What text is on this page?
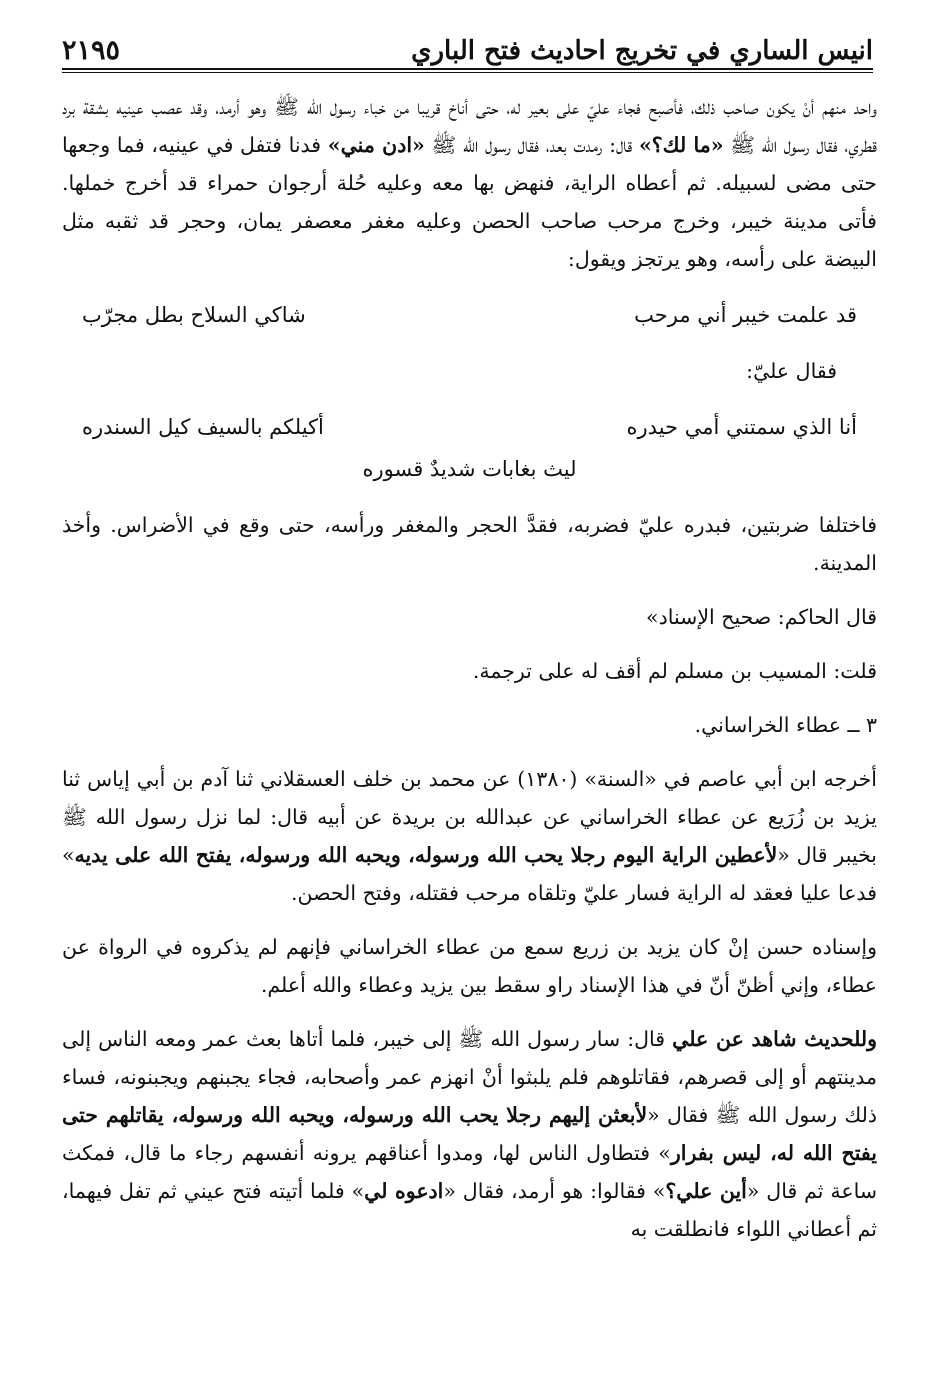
انيس الساري في تخريج احاديث فتح الباري
٢١٩٥

واحد منهم أنْ يكون صاحب ذلك، فأصبح فجاء عليّ على بعير له، حتى أناخ قريبا من خباء رسول الله ﷺ وهو أرمد، وقد عصب عينيه بشقة برد قطري، فقال رسول الله ﷺ «ما لك؟» قال: رمدت بعد، فقال رسول الله ﷺ «ادن مني» فدنا فتفل في عينيه، فما وجعها حتى مضى لسبيله. ثم أعطاه الراية، فنهض بها معه وعليه حُلة أرجوان حمراء قد أخرج خملها. فأتى مدينة خيبر، وخرج مرحب صاحب الحصن وعليه مغفر معصفر يمان، وحجر قد ثقبه مثل البيضة على رأسه، وهو يرتجز ويقول:

قد علمت خيبر أني مرحب
شاكي السلاح بطل مجرّب

فقال عليّ:

أنا الذي سمتني أمي حيدره
أكيلكم بالسيف كيل السندره
ليث بغابات شديدٌ قسوره

فاختلفا ضربتين، فبدره عليّ فضربه، فقدَّ الحجر والمغفر ورأسه، حتى وقع في الأضراس. وأخذ المدينة.

قال الحاكم: صحيح الإسناد»

قلت: المسيب بن مسلم لم أقف له على ترجمة.

٣ ــ عطاء الخراساني.

أخرجه ابن أبي عاصم في «السنة» (١٣٨٠) عن محمد بن خلف العسقلاني ثنا آدم بن أبي إياس ثنا يزيد بن زُرَيع عن عطاء الخراساني عن عبدالله بن بريدة عن أبيه قال: لما نزل رسول الله ﷺ بخيبر قال «لأعطين الراية اليوم رجلا يحب الله ورسوله، ويحبه الله ورسوله، يفتح الله على يديه» فدعا عليا فعقد له الراية فسار عليّ وتلقاه مرحب فقتله، وفتح الحصن.

وإسناده حسن إنْ كان يزيد بن زريع سمع من عطاء الخراساني فإنهم لم يذكروه في الرواة عن عطاء، وإني أظنّ أنّ في هذا الإسناد راو سقط بين يزيد وعطاء والله أعلم.

وللحديث شاهد عن علي قال: سار رسول الله ﷺ إلى خيبر، فلما أتاها بعث عمر ومعه الناس إلى مدينتهم أو إلى قصرهم، فقاتلوهم فلم يلبثوا أنْ انهزم عمر وأصحابه، فجاء يجبنهم ويجبنونه، فساء ذلك رسول الله ﷺ فقال «لأبعثن إليهم رجلا يحب الله ورسوله، ويحبه الله ورسوله، يقاتلهم حتى يفتح الله له، ليس بفرار» فتطاول الناس لها، ومدوا أعناقهم يرونه أنفسهم رجاء ما قال، فمكث ساعة ثم قال «أين علي؟» فقالوا: هو أرمد، فقال «ادعوه لي» فلما أتيته فتح عيني ثم تفل فيهما، ثم أعطاني اللواء فانطلقت به
